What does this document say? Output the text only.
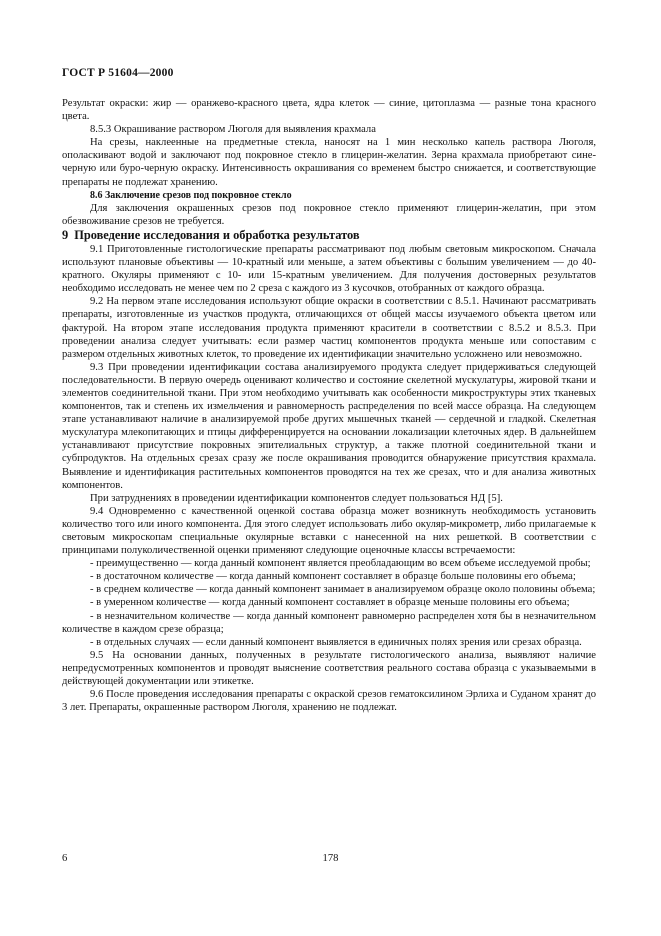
ГОСТ Р 51604—2000

Результат окраски: жир — оранжево-красного цвета, ядра клеток — синие, цитоплазма — разные тона красного цвета.

8.5.3 Окрашивание раствором Люголя для выявления крахмала

На срезы, наклеенные на предметные стекла, наносят на 1 мин несколько капель раствора Люголя, ополаскивают водой и заключают под покровное стекло в глицерин-желатин. Зерна крахмала приобретают сине-черную или буро-черную окраску. Интенсивность окрашивания со временем быстро снижается, и соответствующие препараты не подлежат хранению.

8.6 Заключение срезов под покровное стекло

Для заключения окрашенных срезов под покровное стекло применяют глицерин-желатин, при этом обезвоживание срезов не требуется.

9 Проведение исследования и обработка результатов

9.1 Приготовленные гистологические препараты рассматривают под любым световым микроскопом. Сначала используют плановые объективы — 10-кратный или меньше, а затем объективы с большим увеличением — до 40-кратного. Окуляры применяют с 10- или 15-кратным увеличением. Для получения достоверных результатов необходимо исследовать не менее чем по 2 среза с каждого из 3 кусочков, отобранных от каждого образца.

9.2 На первом этапе исследования используют общие окраски в соответствии с 8.5.1. Начинают рассматривать препараты, изготовленные из участков продукта, отличающихся от общей массы изучаемого объекта цветом или фактурой. На втором этапе исследования продукта применяют красители в соответствии с 8.5.2 и 8.5.3. При проведении анализа следует учитывать: если размер частиц компонентов продукта меньше или сопоставим с размером отдельных животных клеток, то проведение их идентификации значительно усложнено или невозможно.

9.3 При проведении идентификации состава анализируемого продукта следует придерживаться следующей последовательности. В первую очередь оценивают количество и состояние скелетной мускулатуры, жировой ткани и элементов соединительной ткани. При этом необходимо учитывать как особенности микроструктуры этих тканевых компонентов, так и степень их измельчения и равномерность распределения по всей массе образца. На следующем этапе устанавливают наличие в анализируемой пробе других мышечных тканей — сердечной и гладкой. Скелетная мускулатура млекопитающих и птицы дифференцируется на основании локализации клеточных ядер. В дальнейшем устанавливают присутствие покровных эпителиальных структур, а также плотной соединительной ткани и субпродуктов. На отдельных срезах сразу же после окрашивания проводится обнаружение присутствия крахмала. Выявление и идентификация растительных компонентов проводятся на тех же срезах, что и для анализа животных компонентов.

При затруднениях в проведении идентификации компонентов следует пользоваться НД [5].

9.4 Одновременно с качественной оценкой состава образца может возникнуть необходимость установить количество того или иного компонента. Для этого следует использовать либо окуляр-микрометр, либо прилагаемые к световым микроскопам специальные окулярные вставки с нанесенной на них решеткой. В соответствии с принципами полуколичественной оценки применяют следующие оценочные классы встречаемости:

- преимущественно — когда данный компонент является преобладающим во всем объеме исследуемой пробы;

- в достаточном количестве — когда данный компонент составляет в образце больше половины его объема;

- в среднем количестве — когда данный компонент занимает в анализируемом образце около половины объема;

- в умеренном количестве — когда данный компонент составляет в образце меньше половины его объема;

- в незначительном количестве — когда данный компонент равномерно распределен хотя бы в незначительном количестве в каждом срезе образца;

- в отдельных случаях — если данный компонент выявляется в единичных полях зрения или срезах образца.

9.5 На основании данных, полученных в результате гистологического анализа, выявляют наличие непредусмотренных компонентов и проводят выяснение соответствия реального состава образца с указываемыми в действующей документации или этикетке.

9.6 После проведения исследования препараты с окраской срезов гематоксилином Эрлиха и Суданом хранят до 3 лет. Препараты, окрашенные раствором Люголя, хранению не подлежат.

6	178
